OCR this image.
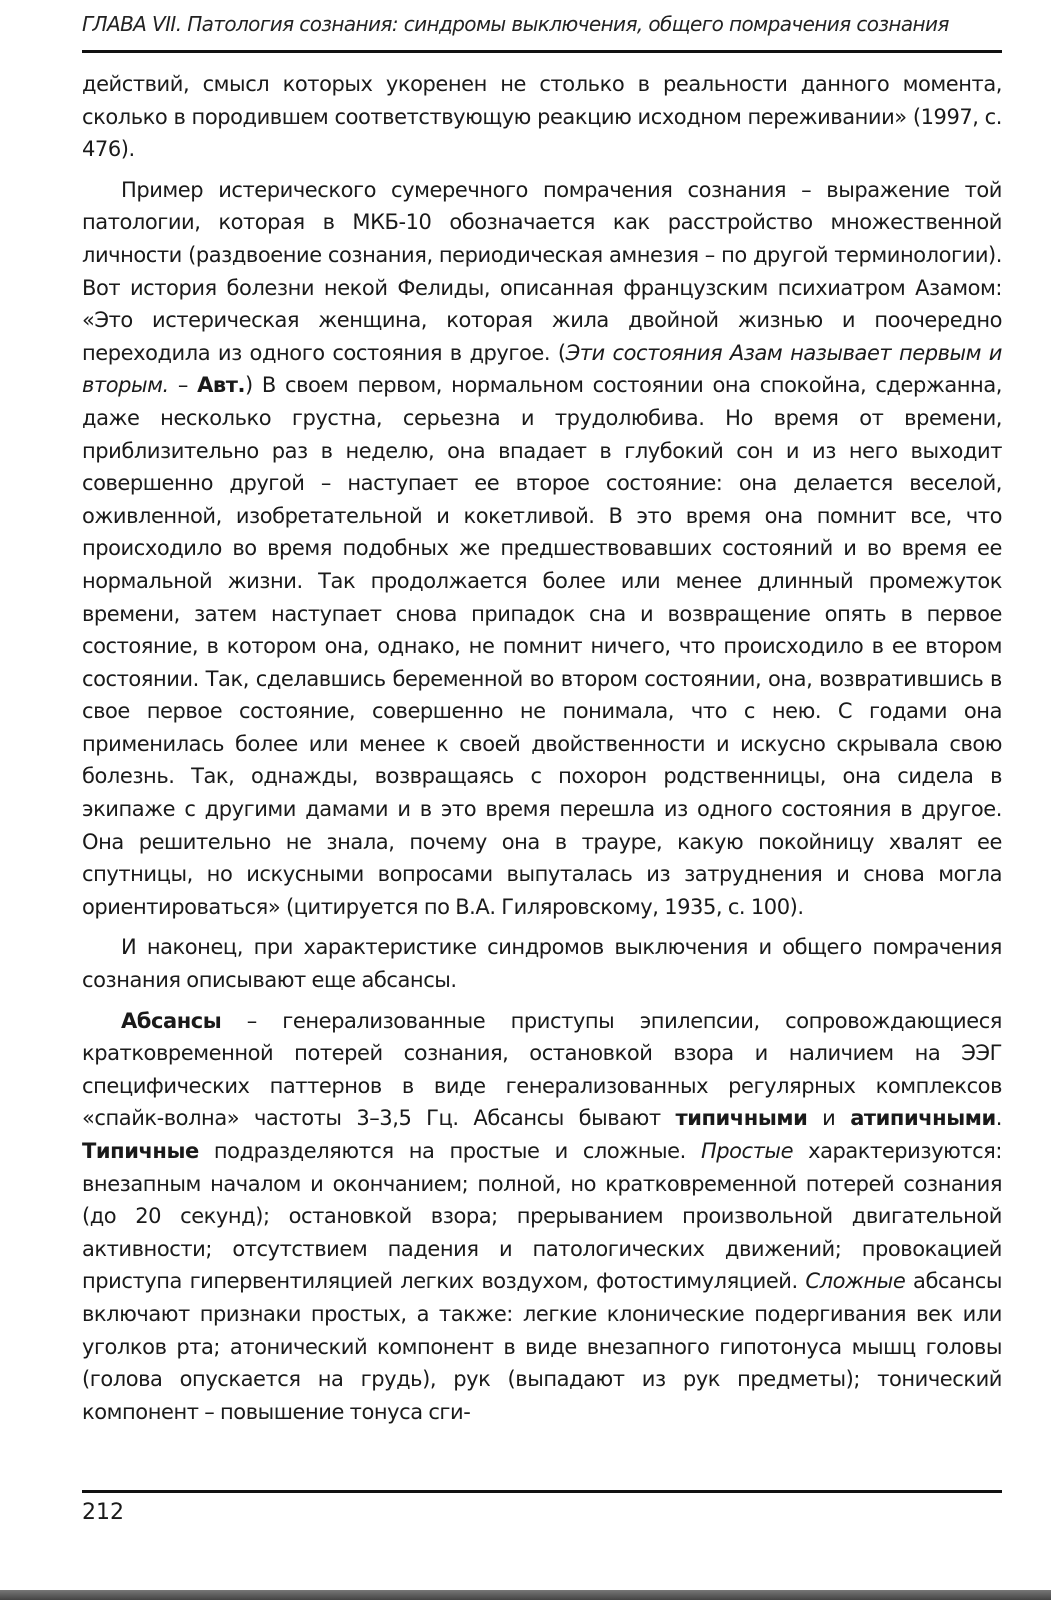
ГЛАВА VII. Патология сознания: синдромы выключения, общего помрачения сознания

действий, смысл которых укоренен не столько в реальности данного момента, сколько в породившем соответствующую реакцию исходном переживании» (1997, с. 476).

Пример истерического сумеречного помрачения сознания – выражение той патологии, которая в МКБ-10 обозначается как расстройство множественной личности (раздвоение сознания, периодическая амнезия – по другой терминологии). Вот история болезни некой Фелиды, описанная французским психиатром Азамом: «Это истерическая женщина, которая жила двойной жизнью и поочередно переходила из одного состояния в другое. (Эти состояния Азам называет первым и вторым. – Авт.) В своем первом, нормальном состоянии она спокойна, сдержанна, даже несколько грустна, серьезна и трудолюбива. Но время от времени, приблизительно раз в неделю, она впадает в глубокий сон и из него выходит совершенно другой – наступает ее второе состояние: она делается веселой, оживленной, изобретательной и кокетливой. В это время она помнит все, что происходило во время подобных же предшествовавших состояний и во время ее нормальной жизни. Так продолжается более или менее длинный промежуток времени, затем наступает снова припадок сна и возвращение опять в первое состояние, в котором она, однако, не помнит ничего, что происходило в ее втором состоянии. Так, сделавшись беременной во втором состоянии, она, возвратившись в свое первое состояние, совершенно не понимала, что с нею. С годами она применилась более или менее к своей двойственности и искусно скрывала свою болезнь. Так, однажды, возвращаясь с похорон родственницы, она сидела в экипаже с другими дамами и в это время перешла из одного состояния в другое. Она решительно не знала, почему она в трауре, какую покойницу хвалят ее спутницы, но искусными вопросами выпуталась из затруднения и снова могла ориентироваться» (цитируется по В.А. Гиляровскому, 1935, с. 100).

И наконец, при характеристике синдромов выключения и общего помрачения сознания описывают еще абсансы.

Абсансы – генерализованные приступы эпилепсии, сопровождающиеся кратковременной потерей сознания, остановкой взора и наличием на ЭЭГ специфических паттернов в виде генерализованных регулярных комплексов «спайк-волна» частоты 3–3,5 Гц. Абсансы бывают типичными и атипичными. Типичные подразделяются на простые и сложные. Простые характеризуются: внезапным началом и окончанием; полной, но кратковременной потерей сознания (до 20 секунд); остановкой взора; прерыванием произвольной двигательной активности; отсутствием падения и патологических движений; провокацией приступа гипервентиляцией легких воздухом, фотостимуляцией. Сложные абсансы включают признаки простых, а также: легкие клонические подергивания век или уголков рта; атонический компонент в виде внезапного гипотонуса мышц головы (голова опускается на грудь), рук (выпадают из рук предметы); тонический компонент – повышение тонуса сги-

212
